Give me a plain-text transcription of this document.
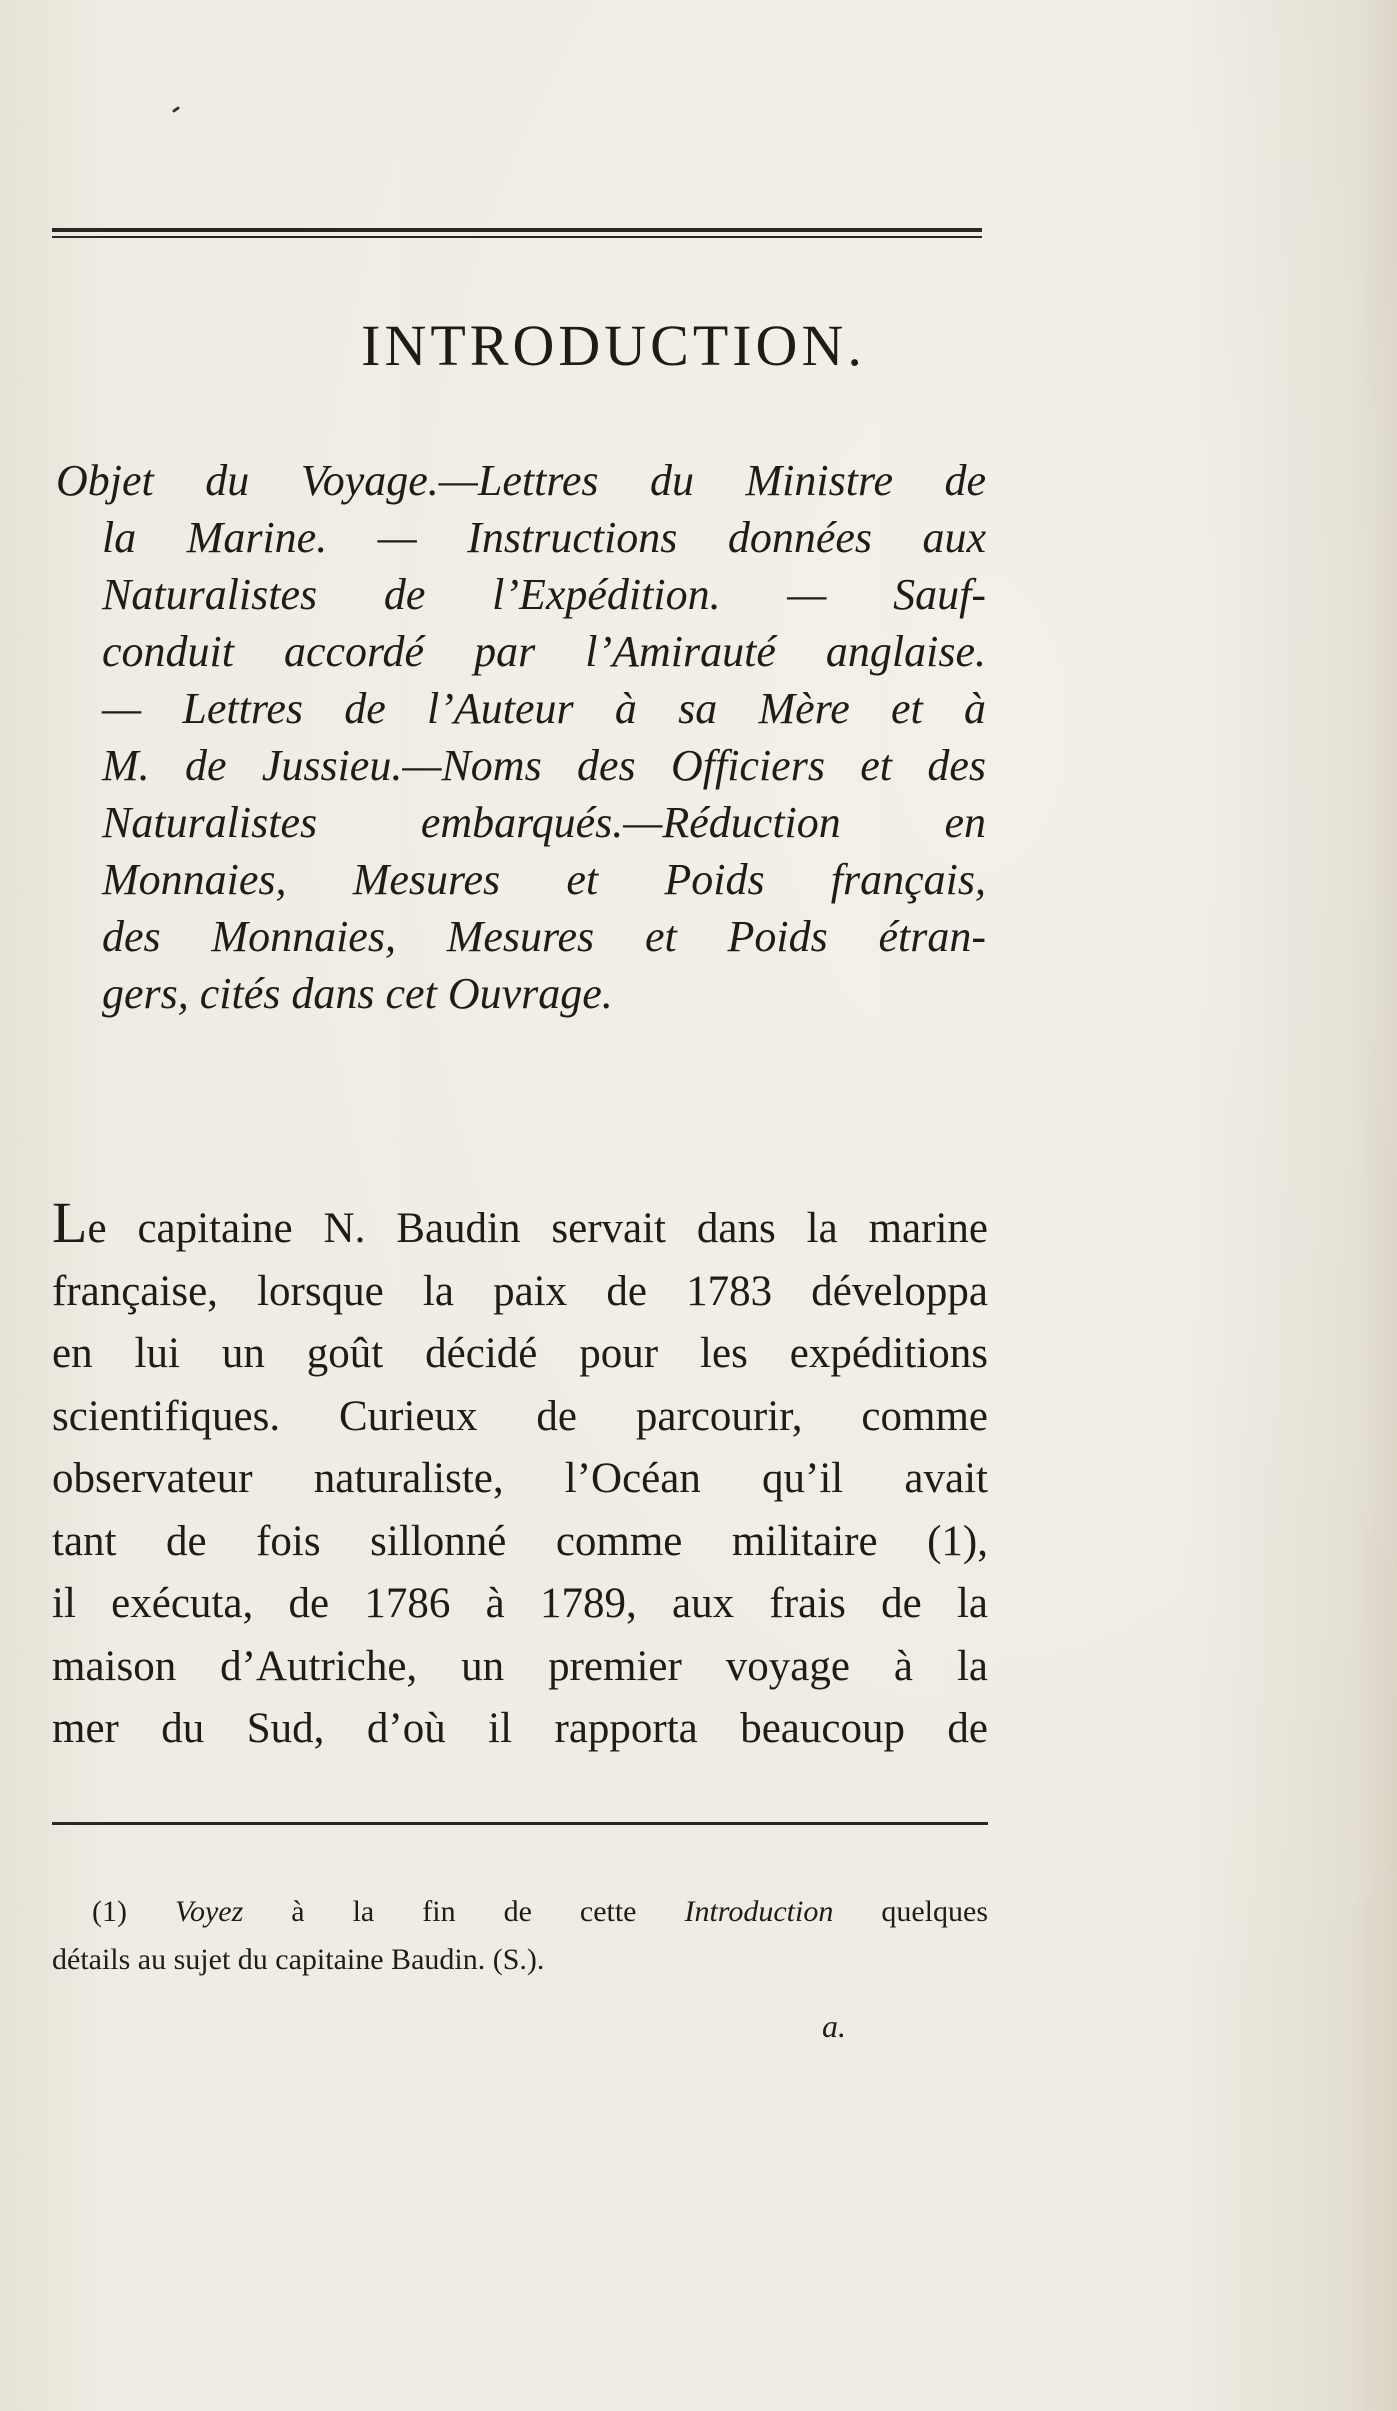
INTRODUCTION.
Objet du Voyage.—Lettres du Ministre de
la Marine. — Instructions données aux
Naturalistes de l’Expédition. — Sauf-
conduit accordé par l’Amirauté anglaise.
— Lettres de l’Auteur à sa Mère et à
M. de Jussieu.—Noms des Officiers et des
Naturalistes embarqués.—Réduction en
Monnaies, Mesures et Poids français,
des Monnaies, Mesures et Poids étran-
gers, cités dans cet Ouvrage.
Le capitaine N. Baudin servait dans la marine
française, lorsque la paix de 1783 développa
en lui un goût décidé pour les expéditions
scientifiques. Curieux de parcourir, comme
observateur naturaliste, l’Océan qu’il avait
tant de fois sillonné comme militaire (1),
il exécuta, de 1786 à 1789, aux frais de la
maison d’Autriche, un premier voyage à la
mer du Sud, d’où il rapporta beaucoup de
(1) Voyez à la fin de cette Introduction quelques
détails au sujet du capitaine Baudin. (S.).
a.
